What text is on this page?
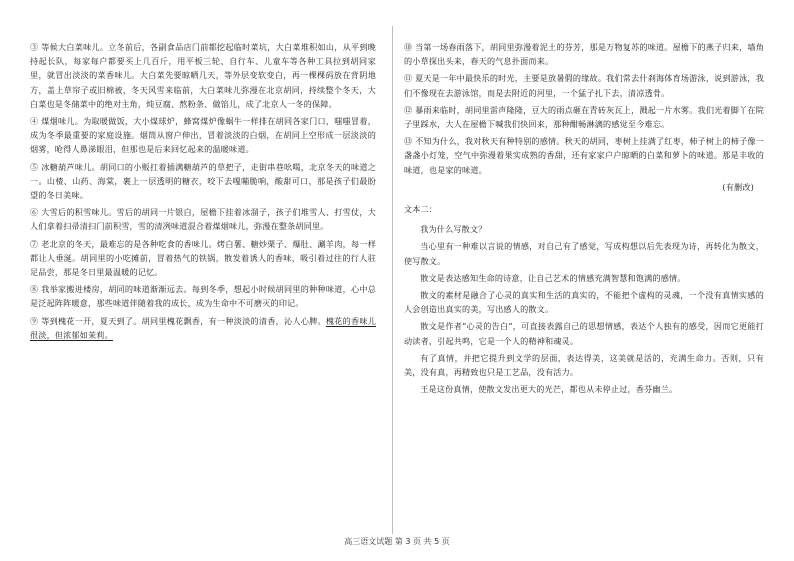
③ 等候大白菜味儿。立冬前后，各副食品店门前都挖起临时菜坑，大白菜堆积如山，从平到晚持起长队，每家每户都要买上几百斤，用平板三轮、自行车、儿童车等各种工具拉到胡同家里，就冒出淡淡的菜香味儿。大白菜先要晾晒几天，等外层变软变白，再一棵棵码放在背阴地方，盖上草帘子或旧棉被，冬天风雪来临前，大白菜味儿弥漫在北京胡同，持续整个冬天，大白菜也是冬储菜中的绝对主角，炖豆腐、熬粉条、做馅儿，成了北京人一冬的保障。

④ 煤烟味儿。为取暖做饭，大小煤球炉，蜂窝煤炉像蜗牛一样排在胡同各家门口，嗤嗤冒着，成为冬季最重要的家庭设施。烟筒从窗户伸出，冒着淡淡的白烟，在胡同上空形成一层淡淡的烟雾，呛得人鼻涕眼泪，但那也是后来回忆起来的温暖味道。

⑤ 冰糖葫芦味儿。胡同口的小贩扛着插满糖葫芦的草把子，走街串巷吆喝，北京冬天的味道之一。山楂、山药、海棠，裹上一层透明的糖衣，咬下去嘎嘣脆响，酸甜可口，那是孩子们最盼望的冬日美味。

⑥ 大雪后的积雪味儿。雪后的胡同一片银白，屋檐下挂着冰溜子，孩子们堆雪人、打雪仗，大人们拿着扫帚清扫门前积雪，雪的清冽味道混合着煤烟味儿，弥漫在整条胡同里。

⑦ 老北京的冬天，最难忘的是各种吃食的香味儿。烤白薯、糖炒栗子、爆肚、涮羊肉，每一样都让人垂涎。胡同里的小吃摊前，冒着热气的铁锅，散发着诱人的香味，吸引着过往的行人驻足品尝，那是冬日里最温暖的记忆。

⑧ 我举家搬进楼房，胡同的味道渐渐远去。每到冬季，想起小时候胡同里的种种味道，心中总是泛起阵阵暖意，那些味道伴随着我的成长，成为生命中不可磨灭的印记。

⑨ 等到槐花一开，夏天到了。胡同里槐花飘香，有一种淡淡的清香，沁人心脾。槐花的香味儿很淡，但浓郁如茉莉。

⑩ 当第一场春雨落下，胡同里弥漫着泥土的芬芳，那是万物复苏的味道。屋檐下的燕子归来，墙角的小草探出头来，春天的气息扑面而来。

⑪ 夏天是一年中最快乐的时光，主要是放暑假的缘故。我们常去什刹海体育场游泳，说到游泳，我们不像现在去游泳馆，而是去附近的河里，一个猛子扎下去，清凉透骨。

⑫ 暴雨来临时，胡同里雷声隆隆，豆大的雨点砸在青砖灰瓦上，溅起一片水雾。我们光着脚丫在院子里踩水，大人在屋檐下喊我们快回来，那种酣畅淋漓的感觉至今难忘。

⑬ 不知为什么，我对秋天有种特别的感情。秋天的胡同，枣树上挂满了红枣，柿子树上的柿子像一盏盏小灯笼，空气中弥漫着果实成熟的香甜，还有家家户户晾晒的白菜和萝卜的味道。那是丰收的味道，也是家的味道。

(有删改)

文本二：

我为什么写散文？

当心里有一种难以言说的情感，对自己有了感觉，写成构想以后先表现为诗，再转化为散文，使写散文。

散文是表达感知生命的诗意，让自己艺术的情感充满智慧和饱满的感情。

散文的素材是融合了心灵的真实和生活的真实的，不能把个虚构的灵魂，一个没有真情实感的人会创造出真实的美，写出感人的散文。

散文是作者“心灵的告白”，可直接表露自己的思想情感，表达个人独有的感受，因而它更能打动读者，引起共鸣，它是一个人的精神和魂灵。

有了真情，并把它提升到文学的层面，表达得美，这美就是活的，充满生命力。否则，只有美，没有真，再精致也只是工艺品，没有活力。

王是这份真情，使散文发出更大的光芒，都也从未停止过，香芬幽兰。

高三语文试题 第 3 页 共 5 页
